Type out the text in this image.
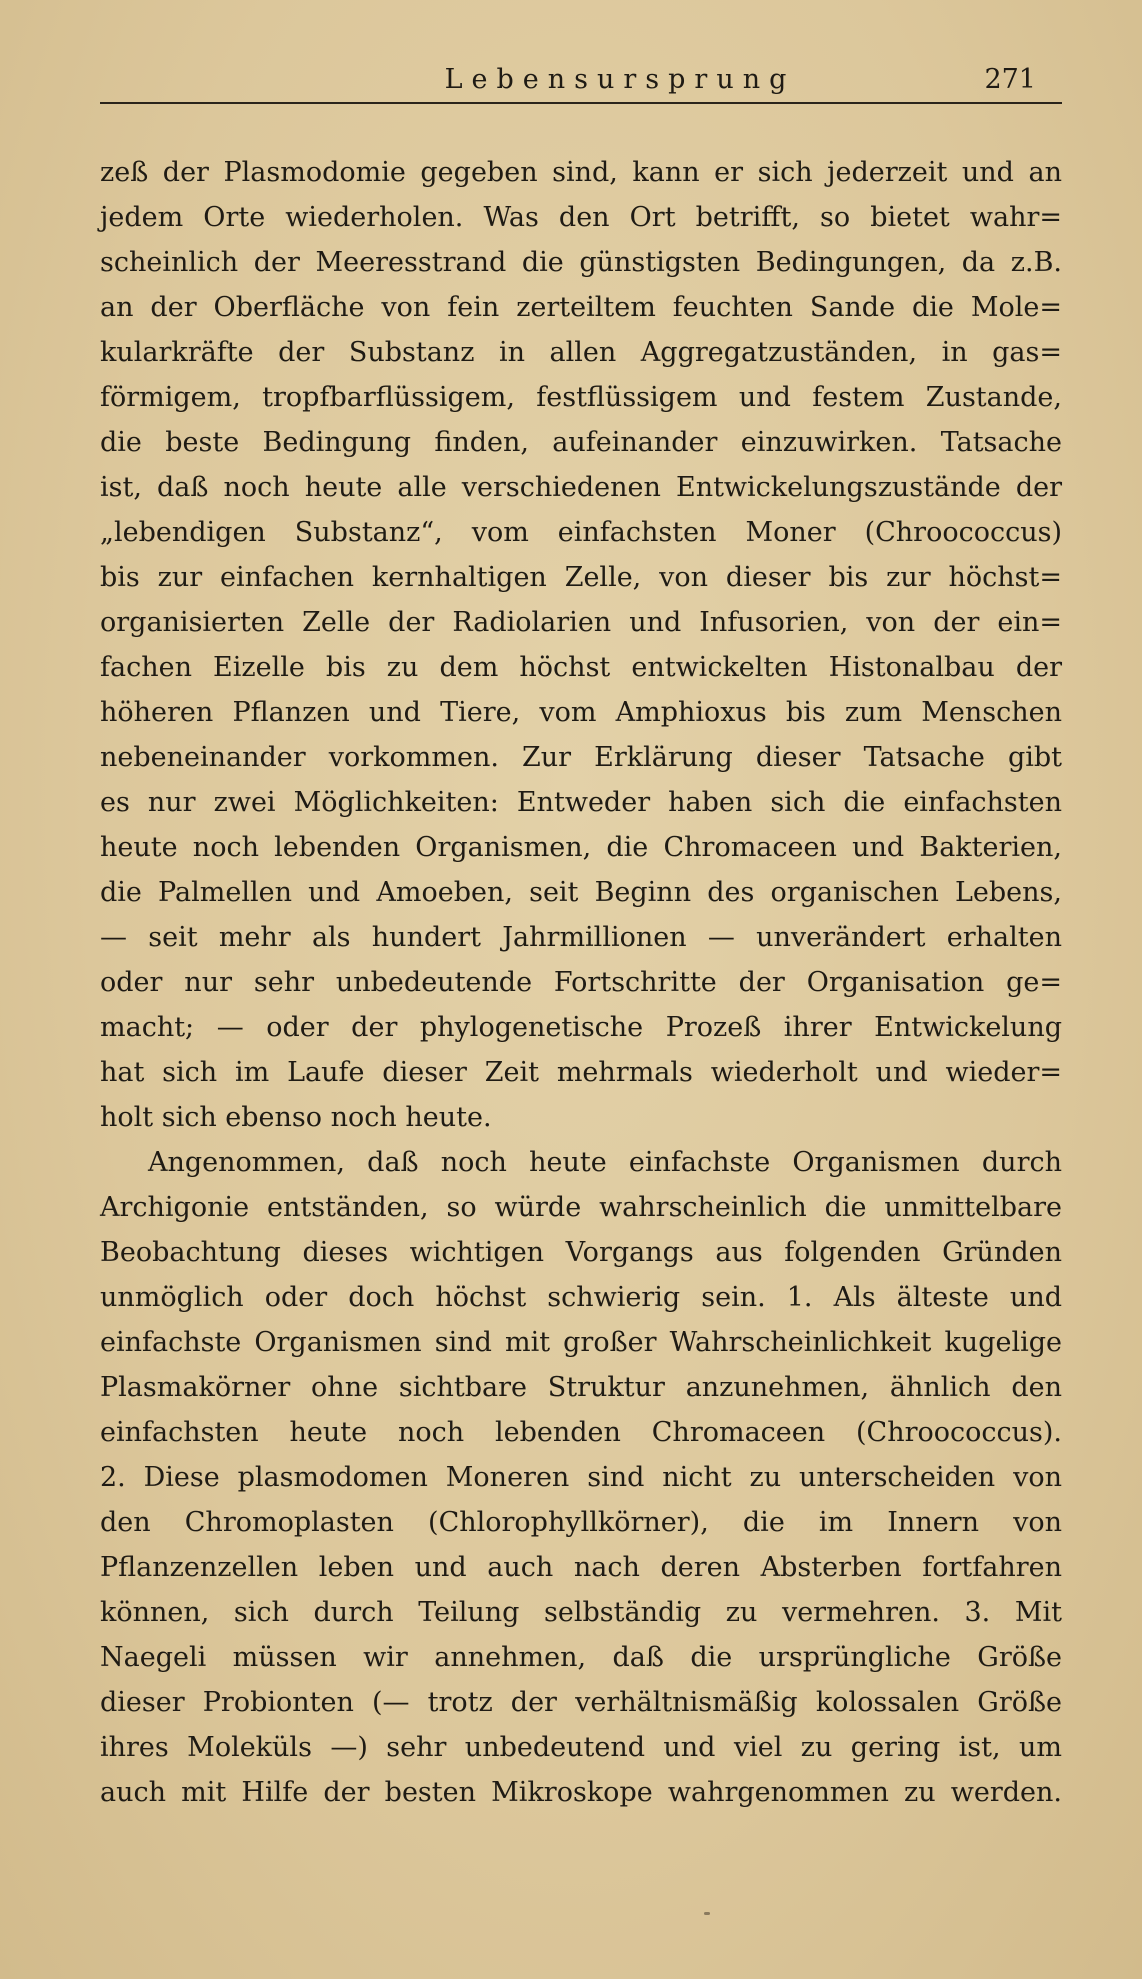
Lebensursprung	271
zeß der Plasmodomie gegeben sind, kann er sich jederzeit und an
jedem Orte wiederholen. Was den Ort betrifft, so bietet wahr=
scheinlich der Meeresstrand die günstigsten Bedingungen, da z.B.
an der Oberfläche von fein zerteiltem feuchten Sande die Mole=
kularkräfte der Substanz in allen Aggregatzuständen, in gas=
förmigem, tropfbarflüssigem, festflüssigem und festem Zustande,
die beste Bedingung finden, aufeinander einzuwirken. Tatsache
ist, daß noch heute alle verschiedenen Entwickelungszustände der
„lebendigen Substanz“, vom einfachsten Moner (Chroococcus)
bis zur einfachen kernhaltigen Zelle, von dieser bis zur höchst=
organisierten Zelle der Radiolarien und Infusorien, von der ein=
fachen Eizelle bis zu dem höchst entwickelten Histonalbau der
höheren Pflanzen und Tiere, vom Amphioxus bis zum Menschen
nebeneinander vorkommen. Zur Erklärung dieser Tatsache gibt
es nur zwei Möglichkeiten: Entweder haben sich die einfachsten
heute noch lebenden Organismen, die Chromaceen und Bakterien,
die Palmellen und Amoeben, seit Beginn des organischen Lebens,
— seit mehr als hundert Jahrmillionen — unverändert erhalten
oder nur sehr unbedeutende Fortschritte der Organisation ge=
macht; — oder der phylogenetische Prozeß ihrer Entwickelung
hat sich im Laufe dieser Zeit mehrmals wiederholt und wieder=
holt sich ebenso noch heute.
Angenommen, daß noch heute einfachste Organismen durch
Archigonie entständen, so würde wahrscheinlich die unmittelbare
Beobachtung dieses wichtigen Vorgangs aus folgenden Gründen
unmöglich oder doch höchst schwierig sein. 1. Als älteste und
einfachste Organismen sind mit großer Wahrscheinlichkeit kugelige
Plasmakörner ohne sichtbare Struktur anzunehmen, ähnlich den
einfachsten heute noch lebenden Chromaceen (Chroococcus).
2. Diese plasmodomen Moneren sind nicht zu unterscheiden von
den Chromoplasten (Chlorophyllkörner), die im Innern von
Pflanzenzellen leben und auch nach deren Absterben fortfahren
können, sich durch Teilung selbständig zu vermehren. 3. Mit
Naegeli müssen wir annehmen, daß die ursprüngliche Größe
dieser Probionten (— trotz der verhältnismäßig kolossalen Größe
ihres Moleküls —) sehr unbedeutend und viel zu gering ist, um
auch mit Hilfe der besten Mikroskope wahrgenommen zu werden.
